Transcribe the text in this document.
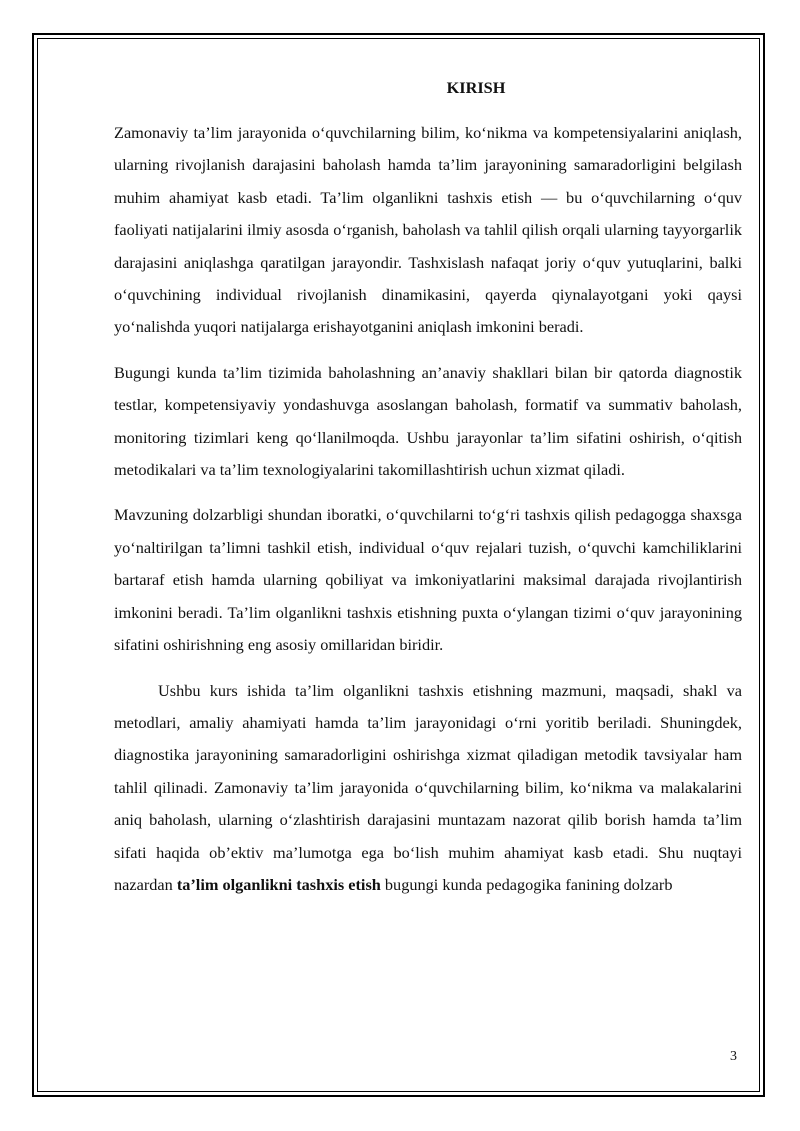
KIRISH

Zamonaviy ta’lim jarayonida o‘quvchilarning bilim, ko‘nikma va kompetensiyalarini aniqlash, ularning rivojlanish darajasini baholash hamda ta’lim jarayonining samaradorligini belgilash muhim ahamiyat kasb etadi. Ta’lim olganlikni tashxis etish — bu o‘quvchilarning o‘quv faoliyati natijalarini ilmiy asosda o‘rganish, baholash va tahlil qilish orqali ularning tayyorgarlik darajasini aniqlashga qaratilgan jarayondir. Tashxislash nafaqat joriy o‘quv yutuqlarini, balki o‘quvchining individual rivojlanish dinamikasini, qayerda qiynalayotgani yoki qaysi yo‘nalishda yuqori natijalarga erishayotganini aniqlash imkonini beradi.

Bugungi kunda ta’lim tizimida baholashning an’anaviy shakllari bilan bir qatorda diagnostik testlar, kompetensiyaviy yondashuvga asoslangan baholash, formatif va summativ baholash, monitoring tizimlari keng qo‘llanilmoqda. Ushbu jarayonlar ta’lim sifatini oshirish, o‘qitish metodikalari va ta’lim texnologiyalarini takomillashtirish uchun xizmat qiladi.

Mavzuning dolzarbligi shundan iboratki, o‘quvchilarni to‘g‘ri tashxis qilish pedagogga shaxsga yo‘naltirilgan ta’limni tashkil etish, individual o‘quv rejalari tuzish, o‘quvchi kamchiliklarini bartaraf etish hamda ularning qobiliyat va imkoniyatlarini maksimal darajada rivojlantirish imkonini beradi. Ta’lim olganlikni tashxis etishning puxta o‘ylangan tizimi o‘quv jarayonining sifatini oshirishning eng asosiy omillaridan biridir.

Ushbu kurs ishida ta’lim olganlikni tashxis etishning mazmuni, maqsadi, shakl va metodlari, amaliy ahamiyati hamda ta’lim jarayonidagi o‘rni yoritib beriladi. Shuningdek, diagnostika jarayonining samaradorligini oshirishga xizmat qiladigan metodik tavsiyalar ham tahlil qilinadi. Zamonaviy ta’lim jarayonida o‘quvchilarning bilim, ko‘nikma va malakalarini aniq baholash, ularning o‘zlashtirish darajasini muntazam nazorat qilib borish hamda ta’lim sifati haqida ob’ektiv ma’lumotga ega bo‘lish muhim ahamiyat kasb etadi. Shu nuqtayi nazardan ta’lim olganlikni tashxis etish bugungi kunda pedagogika fanining dolzarb

3
